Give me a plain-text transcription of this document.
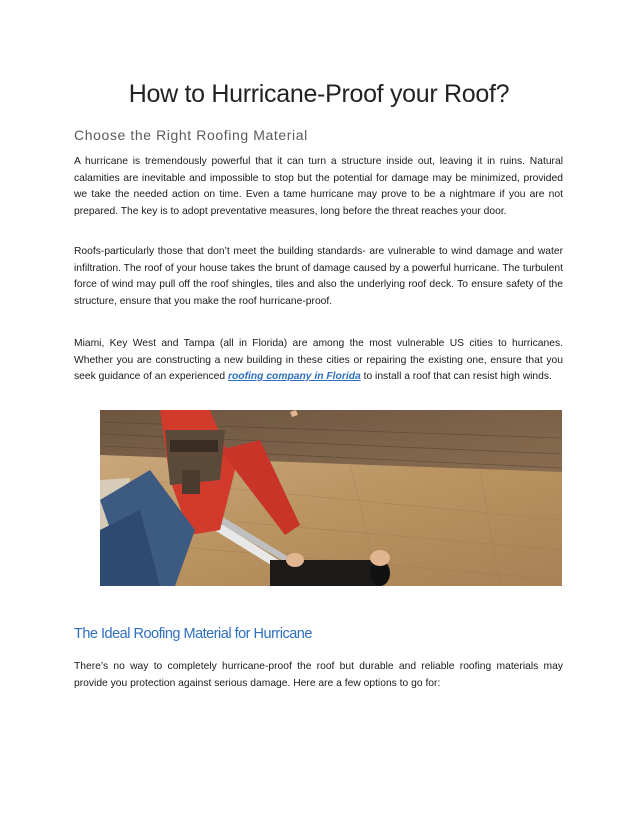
How to Hurricane-Proof your Roof?
Choose the Right Roofing Material

A hurricane is tremendously powerful that it can turn a structure inside out, leaving it in ruins. Natural calamities are inevitable and impossible to stop but the potential for damage may be minimized, provided we take the needed action on time. Even a tame hurricane may prove to be a nightmare if you are not prepared. The key is to adopt preventative measures, long before the threat reaches your door.

Roofs-particularly those that don’t meet the building standards- are vulnerable to wind damage and water infiltration. The roof of your house takes the brunt of damage caused by a powerful hurricane. The turbulent force of wind may pull off the roof shingles, tiles and also the underlying roof deck. To ensure safety of the structure, ensure that you make the roof hurricane-proof.

Miami, Key West and Tampa (all in Florida) are among the most vulnerable US cities to hurricanes. Whether you are constructing a new building in these cities or repairing the existing one, ensure that you seek guidance of an experienced roofing company in Florida to install a roof that can resist high winds.

The Ideal Roofing Material for Hurricane

There’s no way to completely hurricane-proof the roof but durable and reliable roofing materials may provide you protection against serious damage. Here are a few options to go for:
